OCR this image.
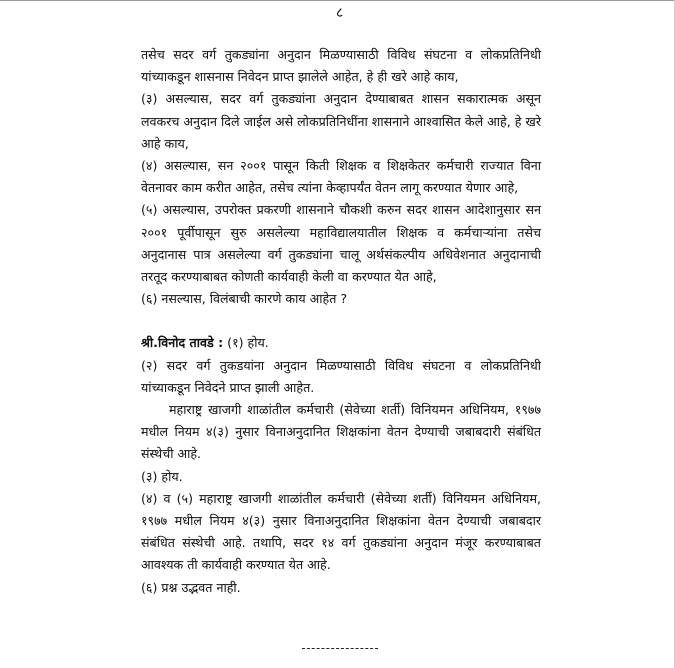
८

तसेच सदर वर्ग तुकड्यांना अनुदान मिळण्यासाठी विविध संघटना व लोकप्रतिनिधी यांच्याकडून शासनास निवेदन प्राप्त झालेले आहेत, हे ही खरे आहे काय,

(३) असल्यास, सदर वर्ग तुकड्यांना अनुदान देण्याबाबत शासन सकारात्मक असून लवकरच अनुदान दिले जाईल असे लोकप्रतिनिधींना शासनाने आश्वासित केले आहे, हे खरे आहे काय,

(४) असल्यास, सन २००१ पासून किती शिक्षक व शिक्षकेतर कर्मचारी राज्यात विना वेतनावर काम करीत आहेत, तसेच त्यांना केव्हापर्यंत वेतन लागू करण्यात येणार आहे,

(५) असल्यास, उपरोक्त प्रकरणी शासनाने चौकशी करुन सदर शासन आदेशानुसार सन २००१ पूर्वीपासून सुरु असलेल्या महाविद्यालयातील शिक्षक व कर्मचाऱ्यांना तसेच अनुदानास पात्र असलेल्या वर्ग तुकड्यांना चालू अर्थसंकल्पीय अधिवेशनात अनुदानाची तरतूद करण्याबाबत कोणती कार्यवाही केली वा करण्यात येत आहे,

(६) नसल्यास, विलंबाची कारणे काय आहेत ?

श्री.विनोद तावडे : (१) होय.

(२) सदर वर्ग तुकडयांना अनुदान मिळण्यासाठी विविध संघटना व लोकप्रतिनिधी यांच्याकडून निवेदने प्राप्त झाली आहेत.

महाराष्ट्र खाजगी शाळांतील कर्मचारी (सेवेच्या शर्ती) विनियमन अधिनियम, १९७७ मधील नियम ४(३) नुसार विनाअनुदानित शिक्षकांना वेतन देण्याची जबाबदारी संबंधित संस्थेची आहे.

(३) होय.

(४) व (५) महाराष्ट्र खाजगी शाळांतील कर्मचारी (सेवेच्या शर्ती) विनियमन अधिनियम, १९७७ मधील नियम ४(३) नुसार विनाअनुदानित शिक्षकांना वेतन देण्याची जबाबदार संबंधित संस्थेची आहे. तथापि, सदर १४ वर्ग तुकड्यांना अनुदान मंजूर करण्याबाबत आवश्यक ती कार्यवाही करण्यात येत आहे.

(६) प्रश्न उद्भवत नाही.
